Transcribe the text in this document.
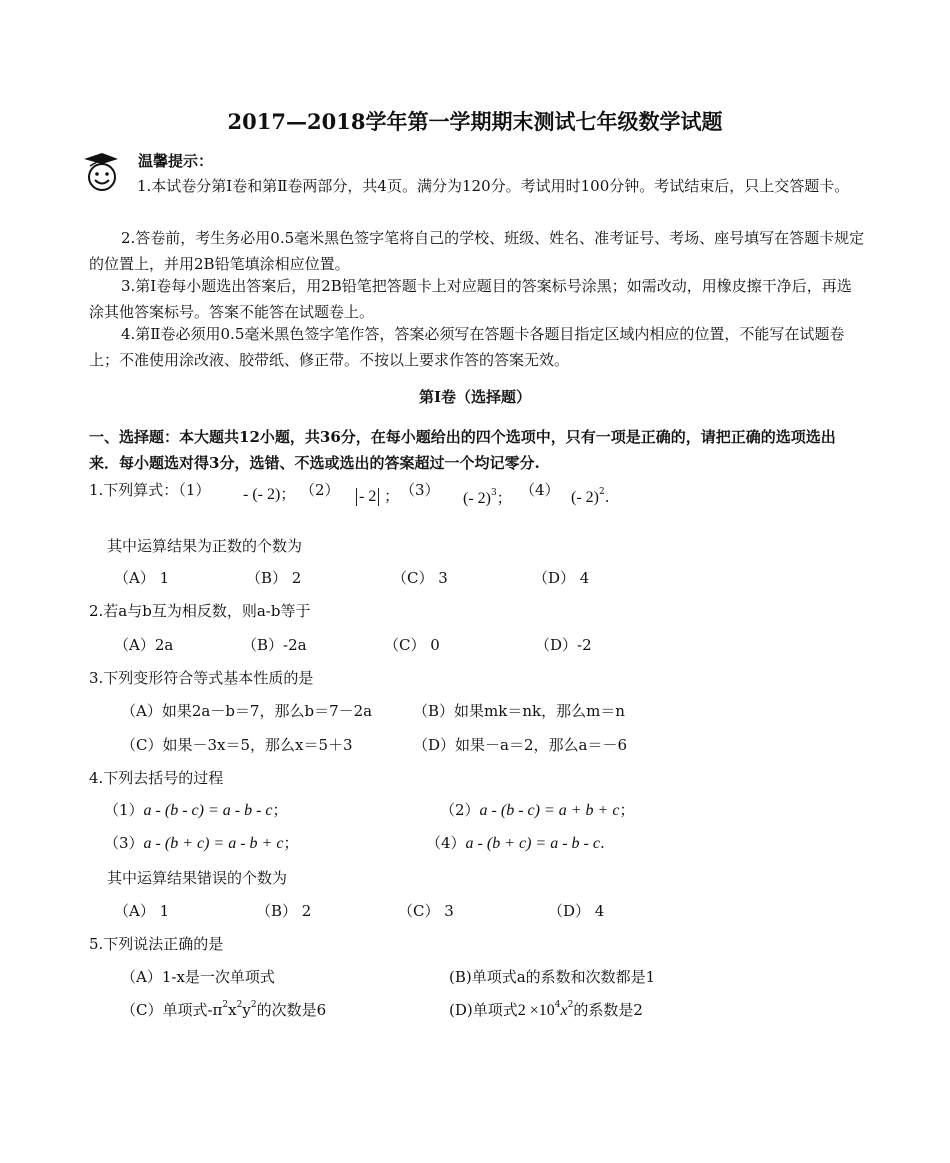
2017—2018学年第一学期期末测试七年级数学试题
温馨提示：
1.本试卷分第Ⅰ卷和第Ⅱ卷两部分，共4页。满分为120分。考试用时100分钟。考试结束后，只上交答题卡。
2.答卷前，考生务必用0.5毫米黑色签字笔将自己的学校、班级、姓名、准考证号、考场、座号填写在答题卡规定的位置上，并用2B铅笔填涂相应位置。
3.第Ⅰ卷每小题选出答案后，用2B铅笔把答题卡上对应题目的答案标号涂黑；如需改动，用橡皮擦干净后，再选涂其他答案标号。答案不能答在试题卷上。
4.第Ⅱ卷必须用0.5毫米黑色签字笔作答，答案必须写在答题卡各题目指定区域内相应的位置，不能写在试题卷上；不准使用涂改液、胶带纸、修正带。不按以上要求作答的答案无效。
第Ⅰ卷（选择题）
一、选择题：本大题共12小题，共36分，在每小题给出的四个选项中，只有一项是正确的，请把正确的选项选出来．每小题选对得3分，选错、不选或选出的答案超过一个均记零分.
1.下列算式：（1） - (- 2)； （2） - 2 ； （3） (- 2)$^3$； （4） (- 2)$^2$.
其中运算结果为正数的个数为
（A） 1	（B） 2	（C） 3	（D） 4
2.若a与b互为相反数，则a-b等于
（A）2a	（B）-2a	（C） 0	（D）-2
3.下列变形符合等式基本性质的是
（A）如果2a－b＝7，那么b＝7－2a	（B）如果mk＝nk，那么m＝n
（C）如果－3x＝5，那么x＝5＋3	（D）如果－a＝2，那么a＝－6
4.下列去括号的过程
（1）a - (b - c) = a - b - c；	（2）a - (b - c) = a + b + c；
（3）a - (b + c) = a - b + c；	（4）a - (b + c) = a - b - c.
其中运算结果错误的个数为
（A） 1	（B） 2	（C） 3	（D） 4
5.下列说法正确的是
（A）1-x是一次单项式	(B)单项式a的系数和次数都是1
（C）单项式$-\pi^2x^2y^2$的次数是6	(D)单项式$2 \times 10^4x^2$的系数是2
